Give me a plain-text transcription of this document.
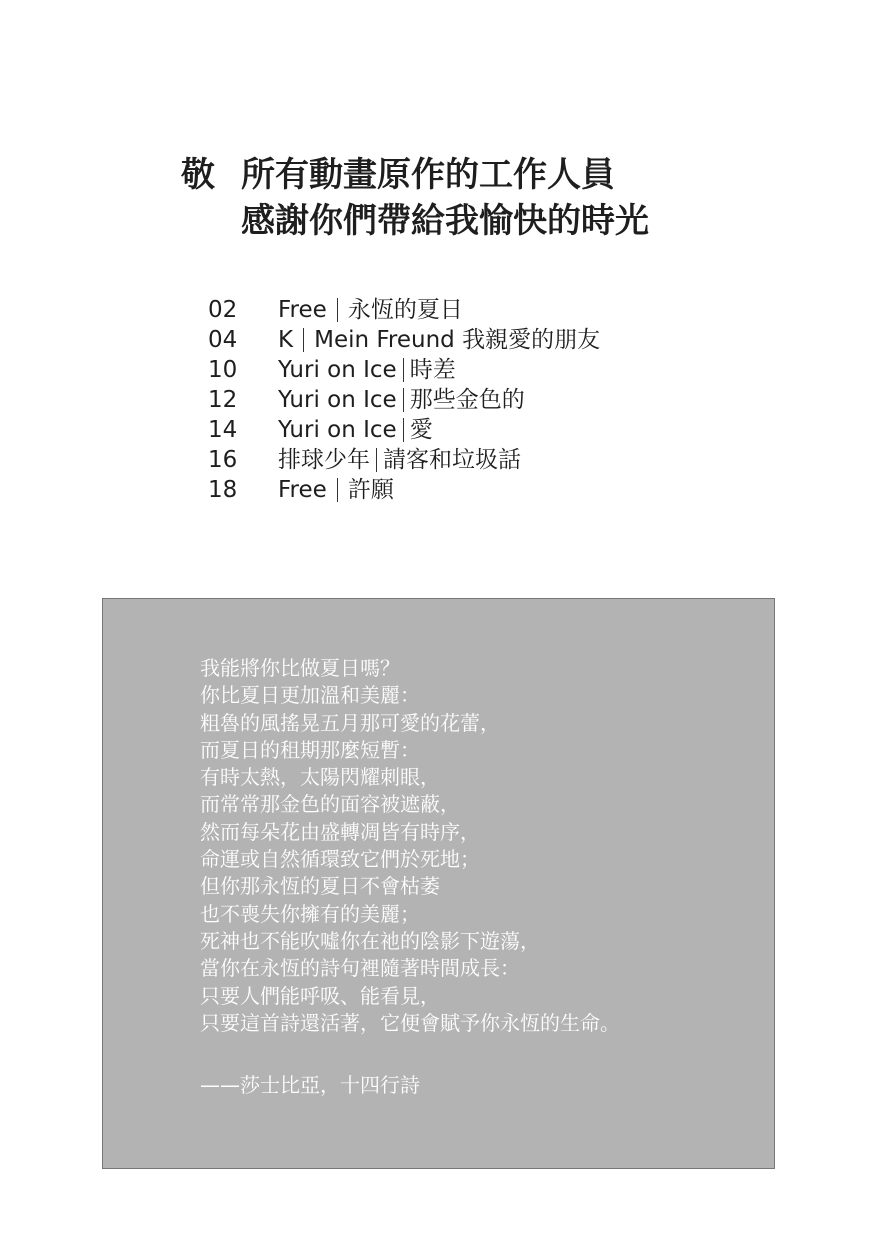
敬 所有動畫原作的工作人員
感謝你們帶給我愉快的時光
02	Free 永恆的夏日
04	K Mein Freund 我親愛的朋友
10	Yuri on Ice 時差
12	Yuri on Ice 那些金色的
14	Yuri on Ice 愛
16	排球少年 請客和垃圾話
18	Free 許願
我能將你比做夏日嗎？
你比夏日更加溫和美麗：
粗魯的風搖晃五月那可愛的花蕾，
而夏日的租期那麼短暫：
有時太熱，太陽閃耀刺眼，
而常常那金色的面容被遮蔽，
然而每朵花由盛轉凋皆有時序，
命運或自然循環致它們於死地；
但你那永恆的夏日不會枯萎
也不喪失你擁有的美麗；
死神也不能吹噓你在祂的陰影下遊蕩，
當你在永恆的詩句裡隨著時間成長：
只要人們能呼吸、能看見，
只要這首詩還活著，它便會賦予你永恆的生命。
——莎士比亞，十四行詩
